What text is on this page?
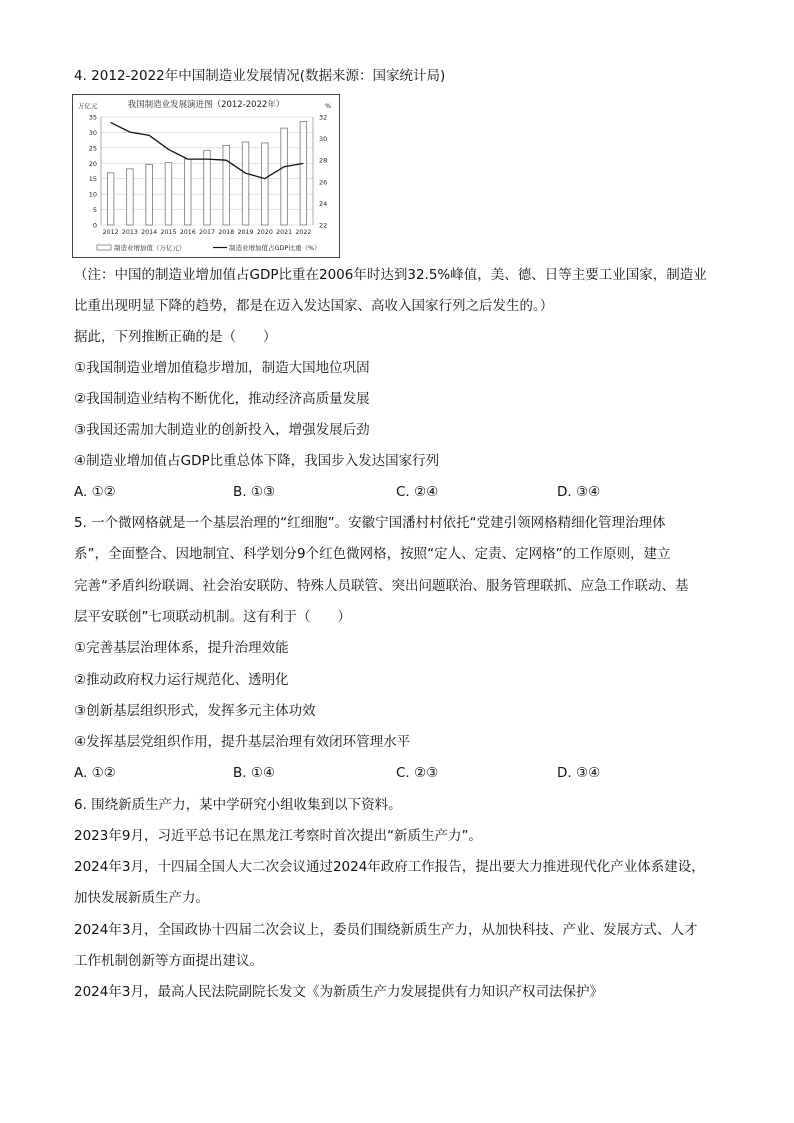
4. 2012-2022年中国制造业发展情况(数据来源：国家统计局)
我国制造业发展演进图（2012-2022年）
万亿元	%
0
5
10
15
20
25
30
35
22
24
26
28
30
32
2012 2013 2014 2015 2016 2017 2018 2019 2020 2021 2022
制造业增加值（万亿元）	制造业增加值占GDP比重（%）
（注：中国的制造业增加值占GDP比重在2006年时达到32.5%峰值，美、德、日等主要工业国家，制造业
比重出现明显下降的趋势，都是在迈入发达国家、高收入国家行列之后发生的。）
据此，下列推断正确的是（　　）
①我国制造业增加值稳步增加，制造大国地位巩固
②我国制造业结构不断优化，推动经济高质量发展
③我国还需加大制造业的创新投入，增强发展后劲
④制造业增加值占GDP比重总体下降，我国步入发达国家行列
A. ①②	B. ①③	C. ②④	D. ③④
5. 一个微网格就是一个基层治理的“红细胞”。安徽宁国潘村村依托“党建引领网格精细化管理治理体
系”，全面整合、因地制宜、科学划分9个红色微网格，按照“定人、定责、定网格”的工作原则，建立
完善“矛盾纠纷联调、社会治安联防、特殊人员联管、突出问题联治、服务管理联抓、应急工作联动、基
层平安联创”七项联动机制。这有利于（　　）
①完善基层治理体系，提升治理效能
②推动政府权力运行规范化、透明化
③创新基层组织形式，发挥多元主体功效
④发挥基层党组织作用，提升基层治理有效闭环管理水平
A. ①②	B. ①④	C. ②③	D. ③④
6. 围绕新质生产力，某中学研究小组收集到以下资料。
2023年9月，习近平总书记在黑龙江考察时首次提出“新质生产力”。
2024年3月，十四届全国人大二次会议通过2024年政府工作报告，提出要大力推进现代化产业体系建设，
加快发展新质生产力。
2024年3月，全国政协十四届二次会议上，委员们围绕新质生产力，从加快科技、产业、发展方式、人才
工作机制创新等方面提出建议。
2024年3月，最高人民法院副院长发文《为新质生产力发展提供有力知识产权司法保护》
